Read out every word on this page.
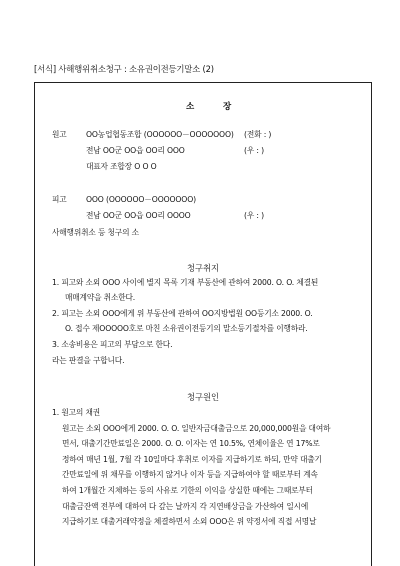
[서식] 사해행위취소청구 : 소유권이전등기말소 (2)
소	장
원고	OO농업협동조합 (OOOOOO－OOOOOOO) (전화 : )
전남 OO군 OO읍 OO리 OOO	(우 : )
대표자 조합장 O O O
피고	OOO (OOOOOO－OOOOOOO)
전남 OO군 OO읍 OO리 OOOO	(우 : )
사해행위취소 등 청구의 소
청구취지
1. 피고와 소외 OOO 사이에 별지 목록 기재 부동산에 관하여 2000. O. O. 체결된
매매계약을 취소한다.
2. 피고는 소외 OOO에게 위 부동산에 관하여 OO지방법원 OO등기소 2000. O.
O. 접수 제OOOOO호로 마친 소유권이전등기의 말소등기절차를 이행하라.
3. 소송비용은 피고의 부담으로 한다.
라는 판결을 구합니다.
청구원인
1. 원고의 채권
원고는 소외 OOO에게 2000. O. O. 일반자금대출금으로 20,000,000원을 대여하
면서, 대출기간만료일은 2000. O. O. 이자는 연 10.5%, 연체이율은 연 17%로
정하여 매년 1월, 7월 각 10일마다 후취로 이자를 지급하기로 하되, 만약 대출기
간만료일에 위 채무를 이행하지 않거나 이자 등을 지급하여야 할 때로부터 계속
하여 1개월간 지체하는 등의 사유로 기한의 이익을 상실한 때에는 그때로부터
대출금잔액 전부에 대하여 다 갚는 날까지 각 지연배상금을 가산하여 일시에
지급하기로 대출거래약정을 체결하면서 소외 OOO은 위 약정서에 직접 서명날
